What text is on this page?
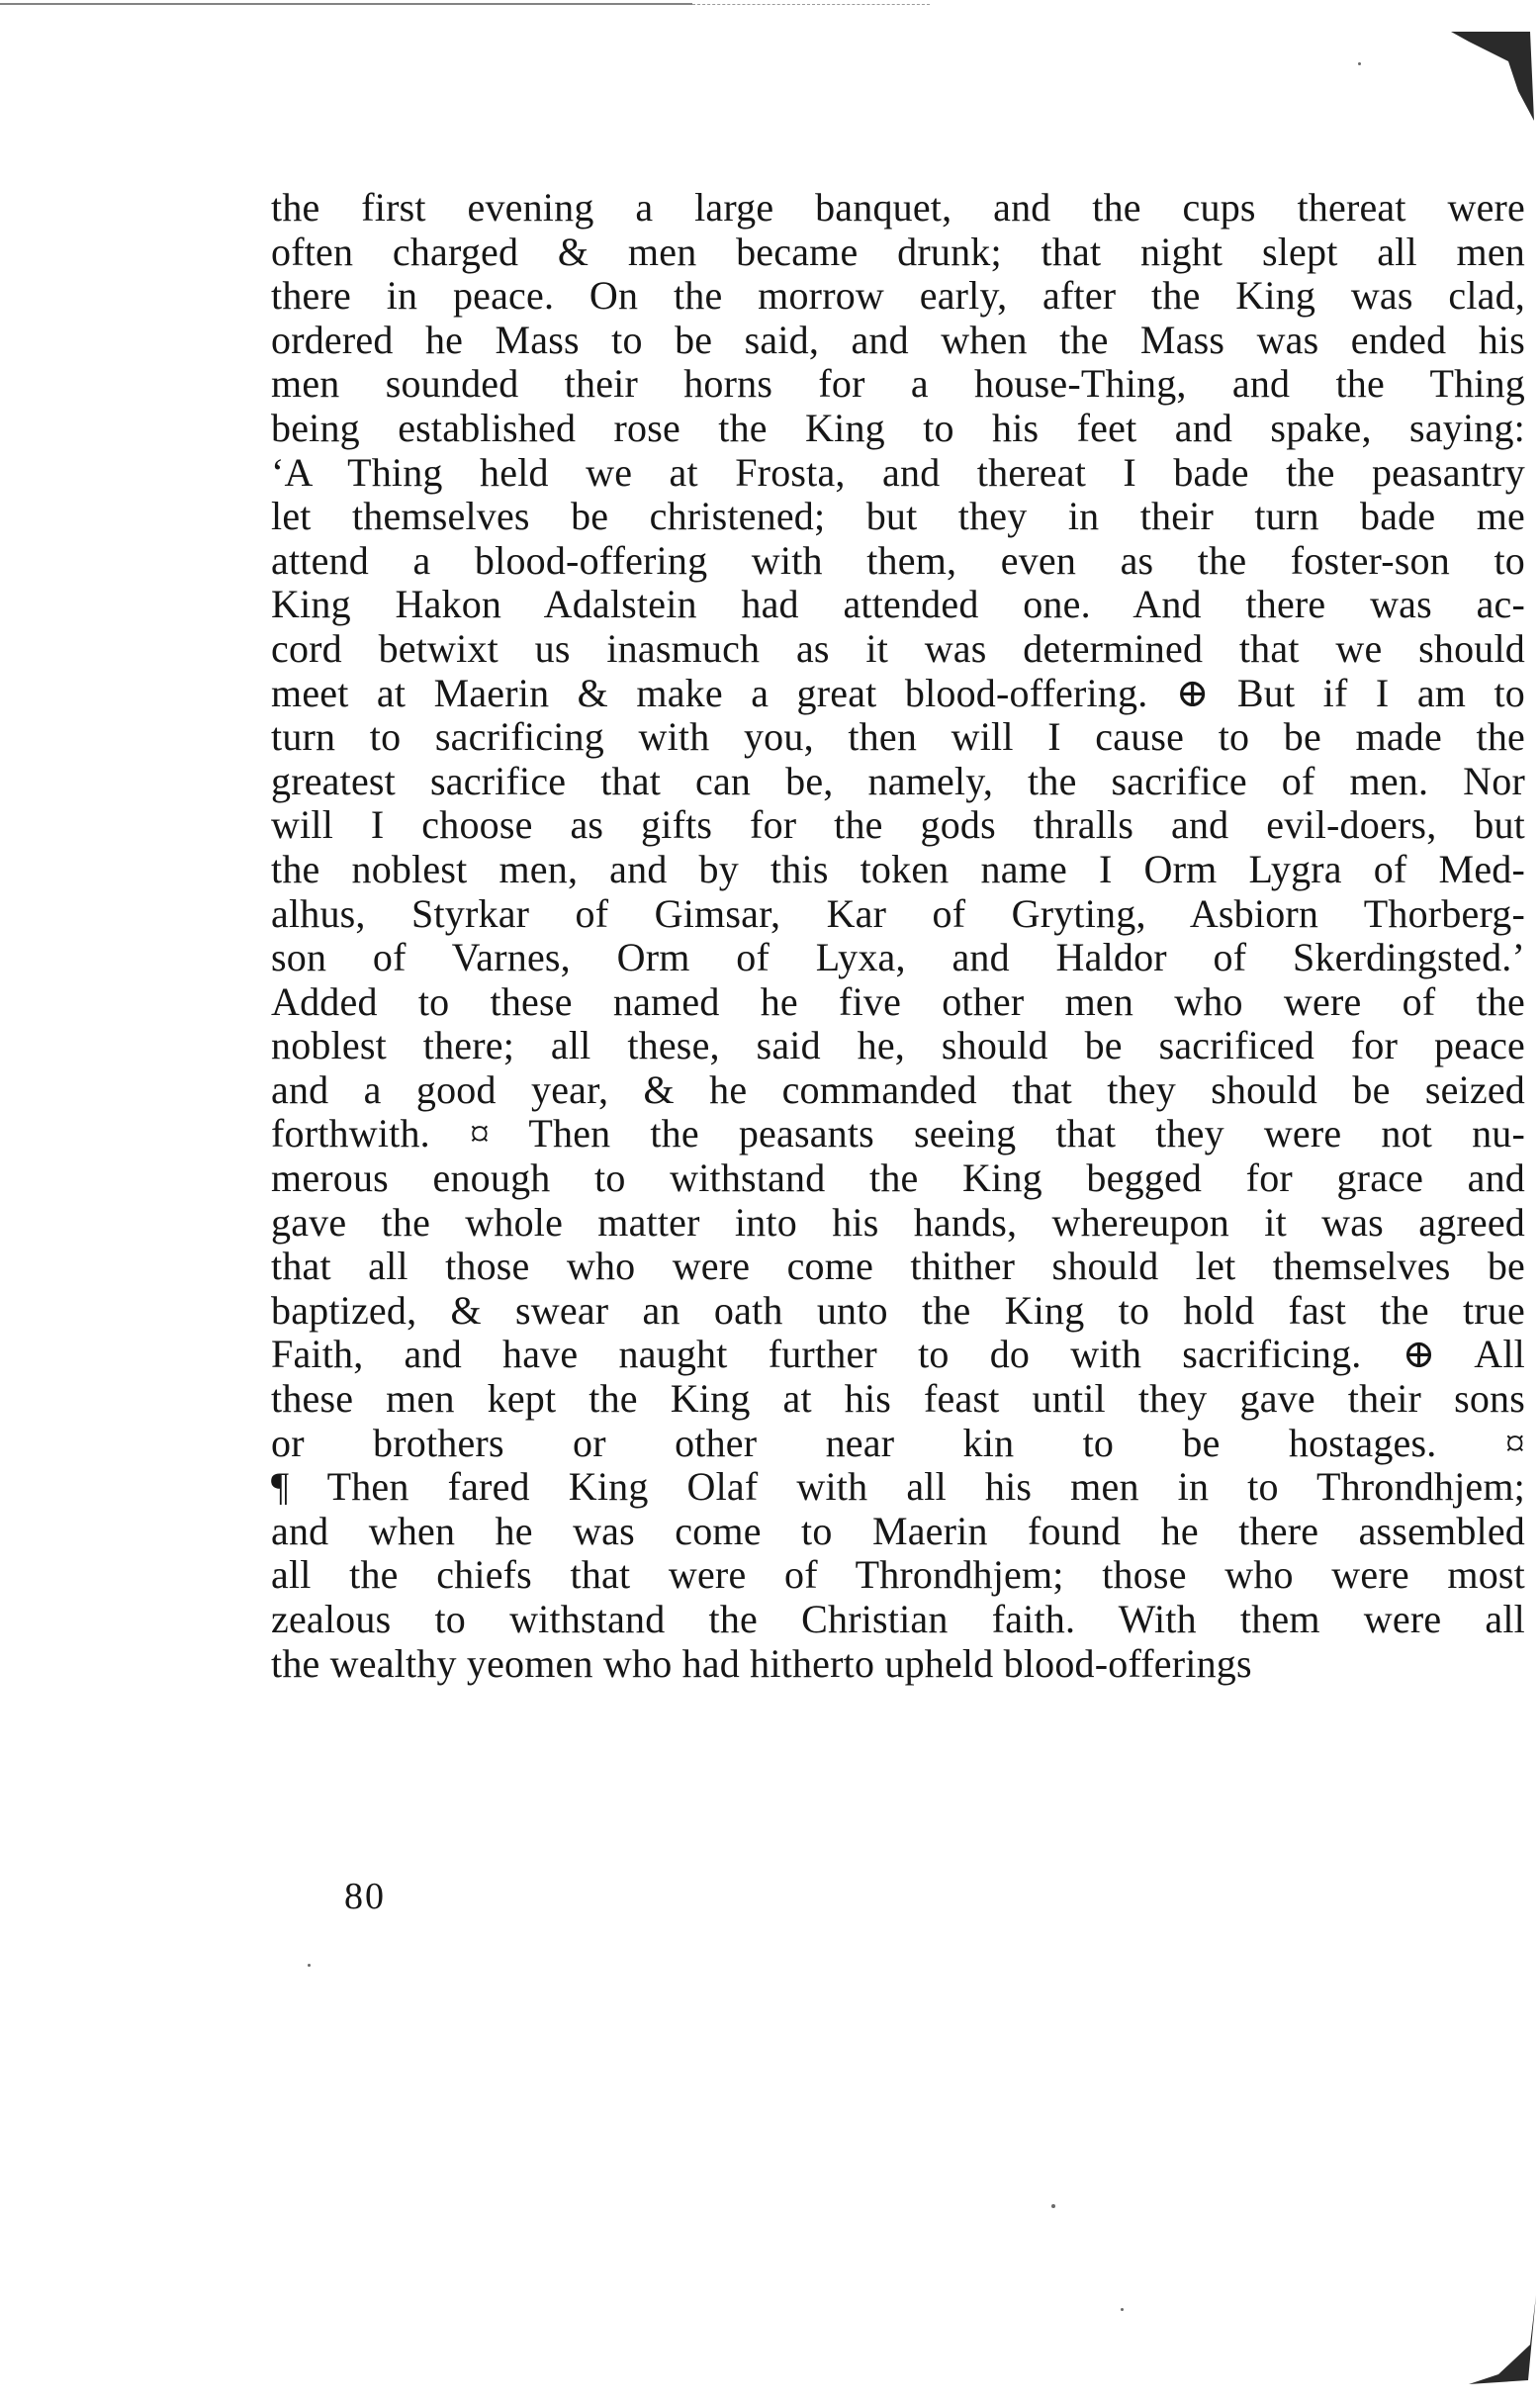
the first evening a large banquet, and the cups thereat were
often charged & men became drunk; that night slept all men
there in peace. On the morrow early, after the King was clad,
ordered he Mass to be said, and when the Mass was ended his
men sounded their horns for a house-Thing, and the Thing
being established rose the King to his feet and spake, saying:
‘A Thing held we at Frosta, and thereat I bade the peasantry
let themselves be christened; but they in their turn bade me
attend a blood-offering with them, even as the foster-son to
King Hakon Adalstein had attended one. And there was ac-
cord betwixt us inasmuch as it was determined that we should
meet at Maerin & make a great blood-offering. ⊕ But if I am to
turn to sacrificing with you, then will I cause to be made the
greatest sacrifice that can be, namely, the sacrifice of men. Nor
will I choose as gifts for the gods thralls and evil-doers, but
the noblest men, and by this token name I Orm Lygra of Med-
alhus, Styrkar of Gimsar, Kar of Gryting, Asbiorn Thorberg-
son of Varnes, Orm of Lyxa, and Haldor of Skerdingsted.’
Added to these named he five other men who were of the
noblest there; all these, said he, should be sacrificed for peace
and a good year, & he commanded that they should be seized
forthwith. ¤ Then the peasants seeing that they were not nu-
merous enough to withstand the King begged for grace and
gave the whole matter into his hands, whereupon it was agreed
that all those who were come thither should let themselves be
baptized, & swear an oath unto the King to hold fast the true
Faith, and have naught further to do with sacrificing. ⊕ All
these men kept the King at his feast until they gave their sons
or brothers or other near kin to be hostages. ¤
¶ Then fared King Olaf with all his men in to Throndhjem;
and when he was come to Maerin found he there assembled
all the chiefs that were of Throndhjem; those who were most
zealous to withstand the Christian faith. With them were all
the wealthy yeomen who had hitherto upheld blood-offerings
80
